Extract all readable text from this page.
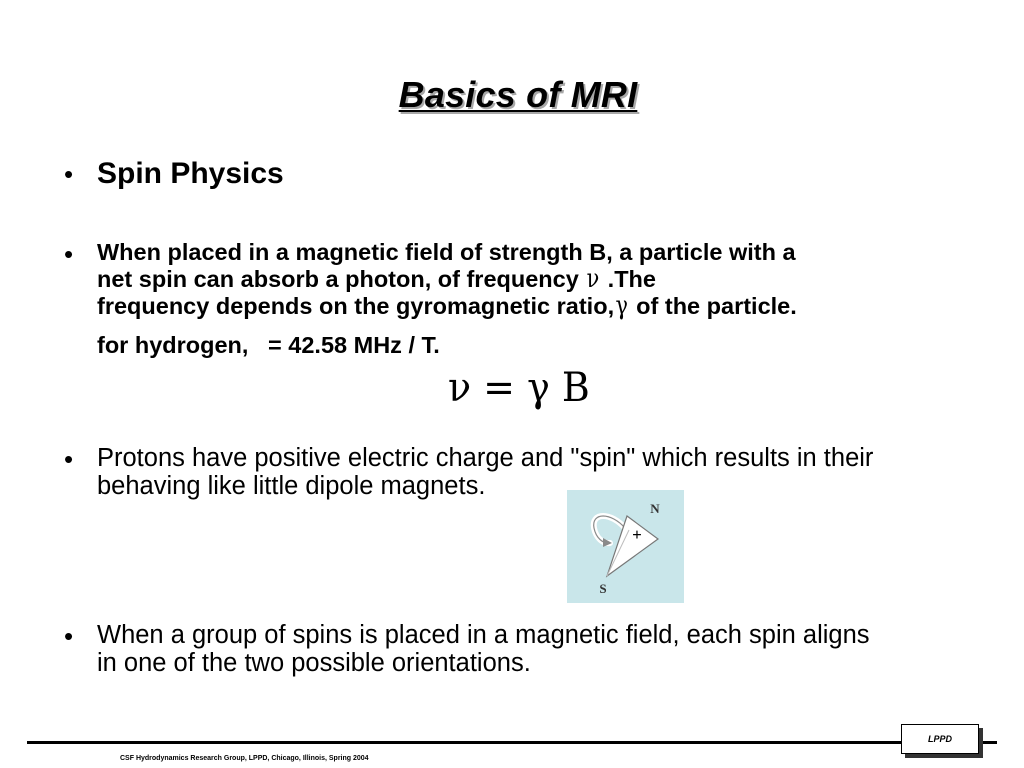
Basics of MRI
• Spin Physics
• When placed in a magnetic field of strength B, a particle with a
net spin can absorb a photon, of frequency ν .The
frequency depends on the gyromagnetic ratio,γ of the particle.
for hydrogen,   = 42.58 MHz / T.
ν = γ B
• Protons have positive electric charge and "spin" which results in their
behaving like little dipole magnets.
+
N
S
• When a group of spins is placed in a magnetic field, each spin aligns
in one of the two possible orientations.
CSF Hydrodynamics Research Group, LPPD, Chicago, Illinois, Spring 2004
LPPD
